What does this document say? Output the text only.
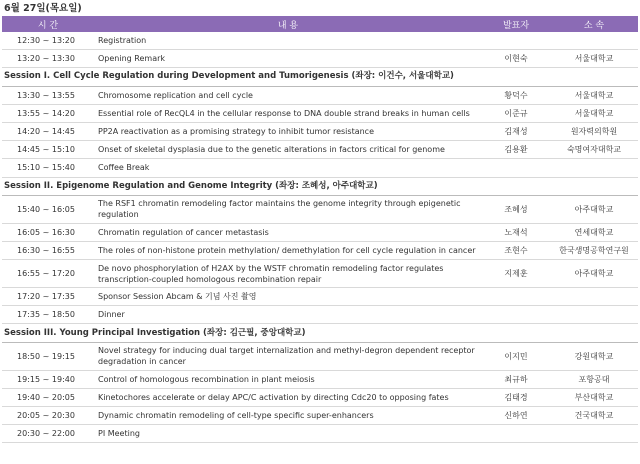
6월 27일(목요일)
시 간	내 용	발표자	소 속
12:30 ~ 13:20	Registration		
13:20 ~ 13:30	Opening Remark	이현숙	서울대학교
Session I. Cell Cycle Regulation during Development and Tumorigenesis (좌장: 이건수, 서울대학교)			
13:30 ~ 13:55	Chromosome replication and cell cycle	황덕수	서울대학교
13:55 ~ 14:20	Essential role of RecQL4 in the cellular response to DNA double strand breaks in human cells	이준규	서울대학교
14:20 ~ 14:45	PP2A reactivation as a promising strategy to inhibit tumor resistance	김재성	원자력의학원
14:45 ~ 15:10	Onset of skeletal dysplasia due to the genetic alterations in factors critical for genome	김용환	숙명여자대학교
15:10 ~ 15:40	Coffee Break		
Session II. Epigenome Regulation and Genome Integrity (좌장: 조혜성, 아주대학교)			
15:40 ~ 16:05	The RSF1 chromatin remodeling factor maintains the genome integrity through epigenetic regulation	조혜성	아주대학교
16:05 ~ 16:30	Chromatin regulation of cancer metastasis	노재석	연세대학교
16:30 ~ 16:55	The roles of non-histone protein methylation/ demethylation for cell cycle regulation in cancer	조현수	한국생명공학연구원
16:55 ~ 17:20	De novo phosphorylation of H2AX by the WSTF chromatin remodeling factor regulates transcription-coupled homologous recombination repair	지제훈	아주대학교
17:20 ~ 17:35	Sponsor Session Abcam & 기념 사진 촬영		
17:35 ~ 18:50	Dinner		
Session III. Young Principal Investigation (좌장: 김근필, 중앙대학교)			
18:50 ~ 19:15	Novel strategy for inducing dual target internalization and methyl-degron dependent receptor degradation in cancer	이지민	강원대학교
19:15 ~ 19:40	Control of homologous recombination in plant meiosis	최규하	포항공대
19:40 ~ 20:05	Kinetochores accelerate or delay APC/C activation by directing Cdc20 to opposing fates	김태경	부산대학교
20:05 ~ 20:30	Dynamic chromatin remodeling of cell-type specific super-enhancers	신하연	건국대학교
20:30 ~ 22:00	PI Meeting		
